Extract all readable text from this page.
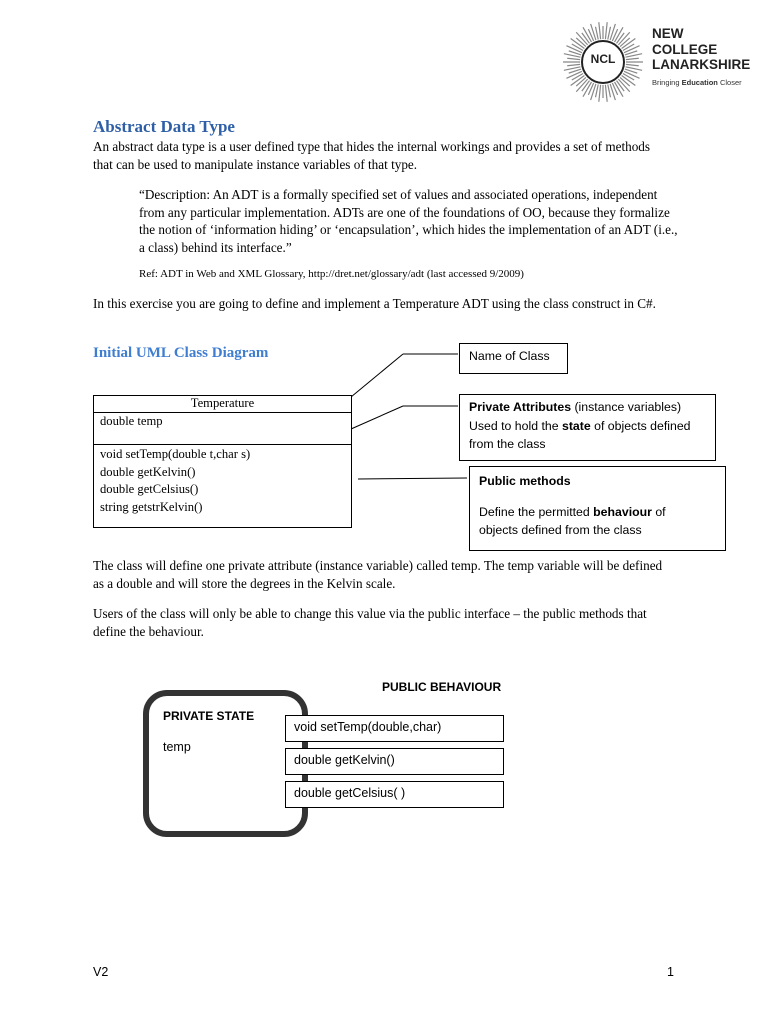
NCL
NEW
COLLEGE
LANARKSHIRE
Bringing Education Closer
Abstract Data Type
An abstract data type is a user defined type that hides the internal workings and provides a set of methods that can be used to manipulate instance variables of that type.
“Description: An ADT is a formally specified set of values and associated operations, independent from any particular implementation. ADTs are one of the foundations of OO, because they formalize the notion of ‘information hiding’ or ‘encapsulation’, which hides the implementation of an ADT (i.e., a class) behind its interface.”
Ref: ADT in Web and XML Glossary, http://dret.net/glossary/adt (last accessed 9/2009)
In this exercise you are going to define and implement a Temperature ADT using the class construct in C#.
Initial UML Class Diagram
Temperature
double temp
void setTemp(double t,char s)
double getKelvin()
double getCelsius()
string getstrKelvin()
Name of Class
Private Attributes (instance variables)
Used to hold the state of objects defined
from the class
Public methods
Define the permitted behaviour of
objects defined from the class
The class will define one private attribute (instance variable) called temp. The temp variable will be defined as a double and will store the degrees in the Kelvin scale.
Users of the class will only be able to change this value via the public interface – the public methods that define the behaviour.
PUBLIC BEHAVIOUR
PRIVATE STATE
temp
void setTemp(double,char)
double getKelvin()
double getCelsius( )
V2	1
